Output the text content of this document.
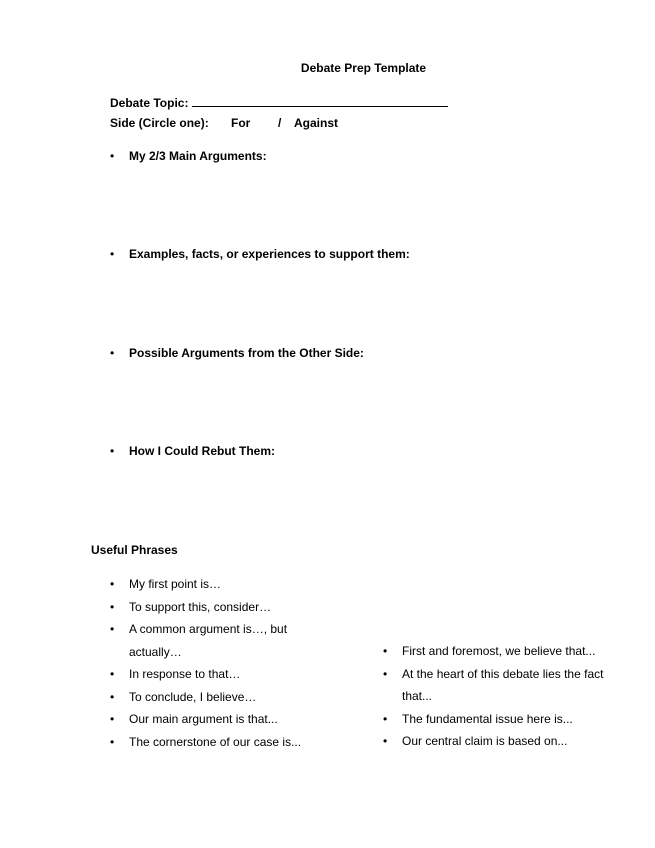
Debate Prep Template
Debate Topic:
Side (Circle one): For / Against
• My 2/3 Main Arguments:
• Examples, facts, or experiences to support them:
• Possible Arguments from the Other Side:
• How I Could Rebut Them:
Useful Phrases
• My first point is…
• To support this, consider…
• A common argument is…, but actually…
• In response to that…
• To conclude, I believe…
• Our main argument is that...
• The cornerstone of our case is...
• First and foremost, we believe that...
• At the heart of this debate lies the fact that...
• The fundamental issue here is...
• Our central claim is based on...
